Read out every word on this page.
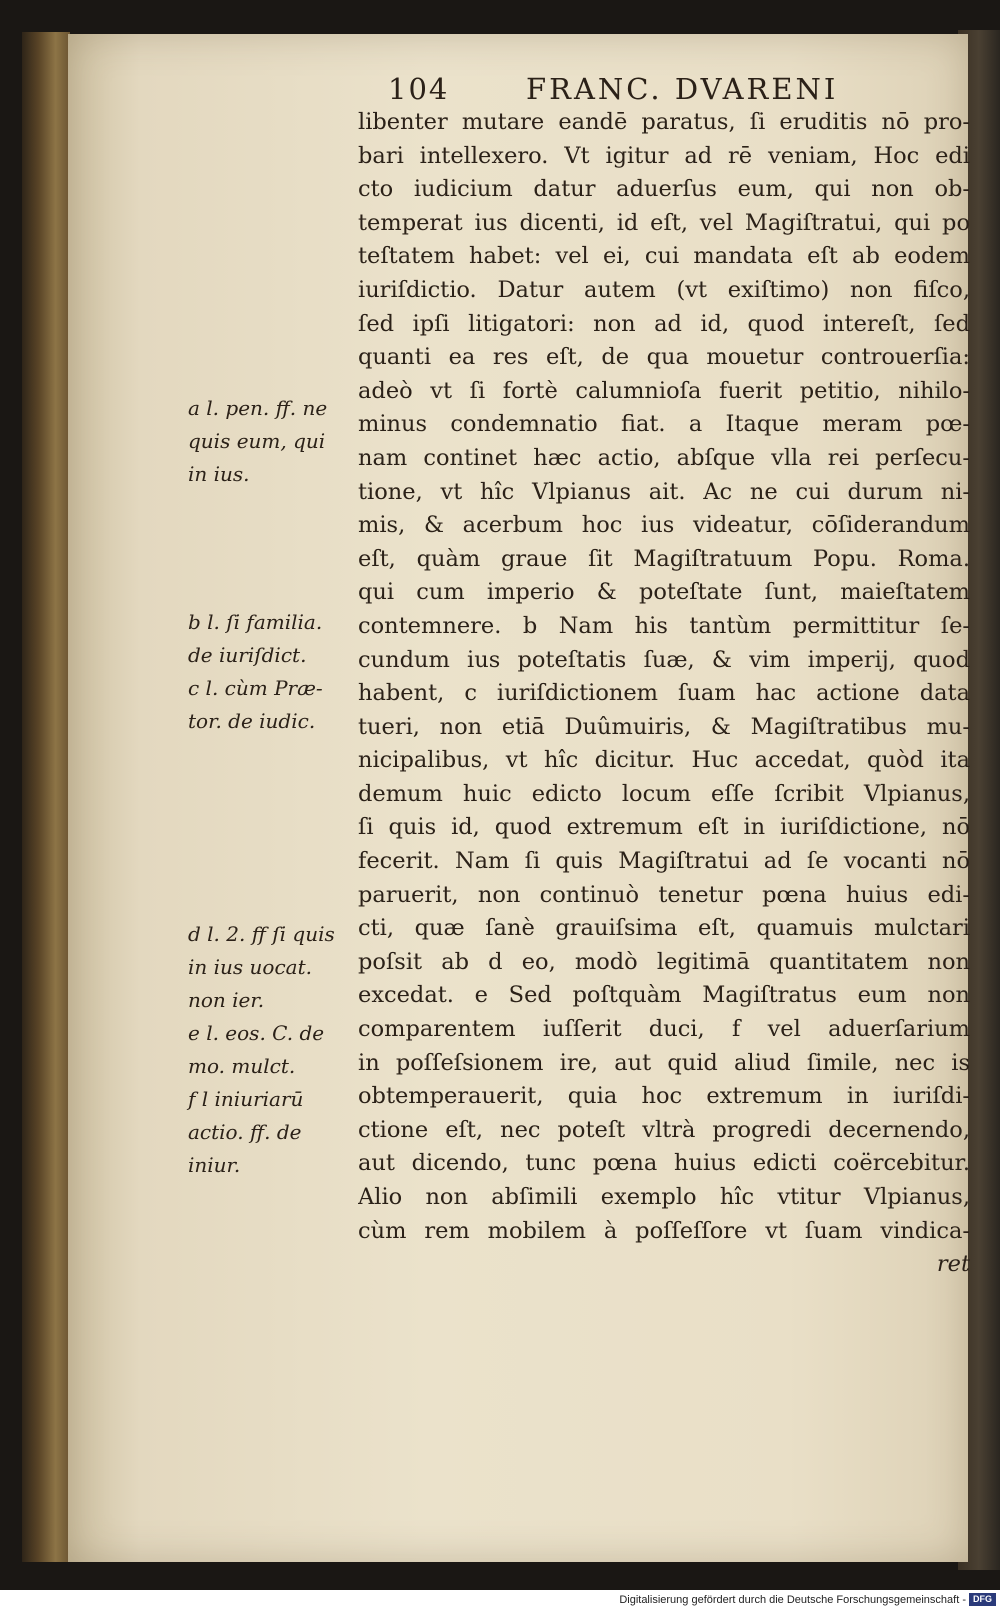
104	FRANC. DVARENI
libenter mutare eandē paratus, ſi eruditis nō pro-
bari intellexero. Vt igitur ad rē veniam, Hoc edi
cto iudicium datur aduerſus eum, qui non ob-
temperat ius dicenti, id eſt, vel Magiſtratui, qui po
teſtatem habet: vel ei, cui mandata eſt ab eodem
iuriſdictio. Datur autem (vt exiſtimo) non fiſco,
ſed ipſi litigatori: non ad id, quod intereſt, ſed
quanti ea res eſt, de qua mouetur controuerſia:
adeò vt ſi fortè calumnioſa fuerit petitio, nihilo-
minus condemnatio fiat. a Itaque meram pœ-
nam continet hæc actio, abſque vlla rei perſecu-
tione, vt hîc Vlpianus ait. Ac ne cui durum ni-
mis, & acerbum hoc ius videatur, cōſiderandum
eſt, quàm graue ſit Magiſtratuum Popu. Roma.
qui cum imperio & poteſtate ſunt, maieſtatem
contemnere. b Nam his tantùm permittitur ſe-
cundum ius poteſtatis ſuæ, & vim imperij, quod
habent, c iuriſdictionem ſuam hac actione data
tueri, non etiā Duûmuiris, & Magiſtratibus mu-
nicipalibus, vt hîc dicitur. Huc accedat, quòd ita
demum huic edicto locum eſſe ſcribit Vlpianus,
ſi quis id, quod extremum eſt in iuriſdictione, nō
fecerit. Nam ſi quis Magiſtratui ad ſe vocanti nō
paruerit, non continuò tenetur pœna huius edi-
cti, quæ ſanè grauiſsima eſt, quamuis mulctari
poſsit ab d eo, modò legitimā quantitatem non
excedat. e Sed poſtquàm Magiſtratus eum non
comparentem iuſſerit duci, f vel aduerſarium
in poſſeſsionem ire, aut quid aliud ſimile, nec is
obtemperauerit, quia hoc extremum in iuriſdi-
ctione eſt, nec poteſt vltrà progredi decernendo,
aut dicendo, tunc pœna huius edicti coërcebitur.
Alio non abſimili exemplo hîc vtitur Vlpianus,
cùm rem mobilem à poſſeſſore vt ſuam vindica-
ret
a l. pen. ff. ne
quis eum, qui
in ius.
b l. ſi familia.
de iuriſdict.
c l. cùm Præ-
tor. de iudic.
d l. 2. ff ſi quis
in ius uocat.
non ier.
e l. eos. C. de
mo. mulct.
f l iniuriarū
actio. ff. de
iniur.
Digitalisierung gefördert durch die Deutsche Forschungsgemeinschaft - DFG
